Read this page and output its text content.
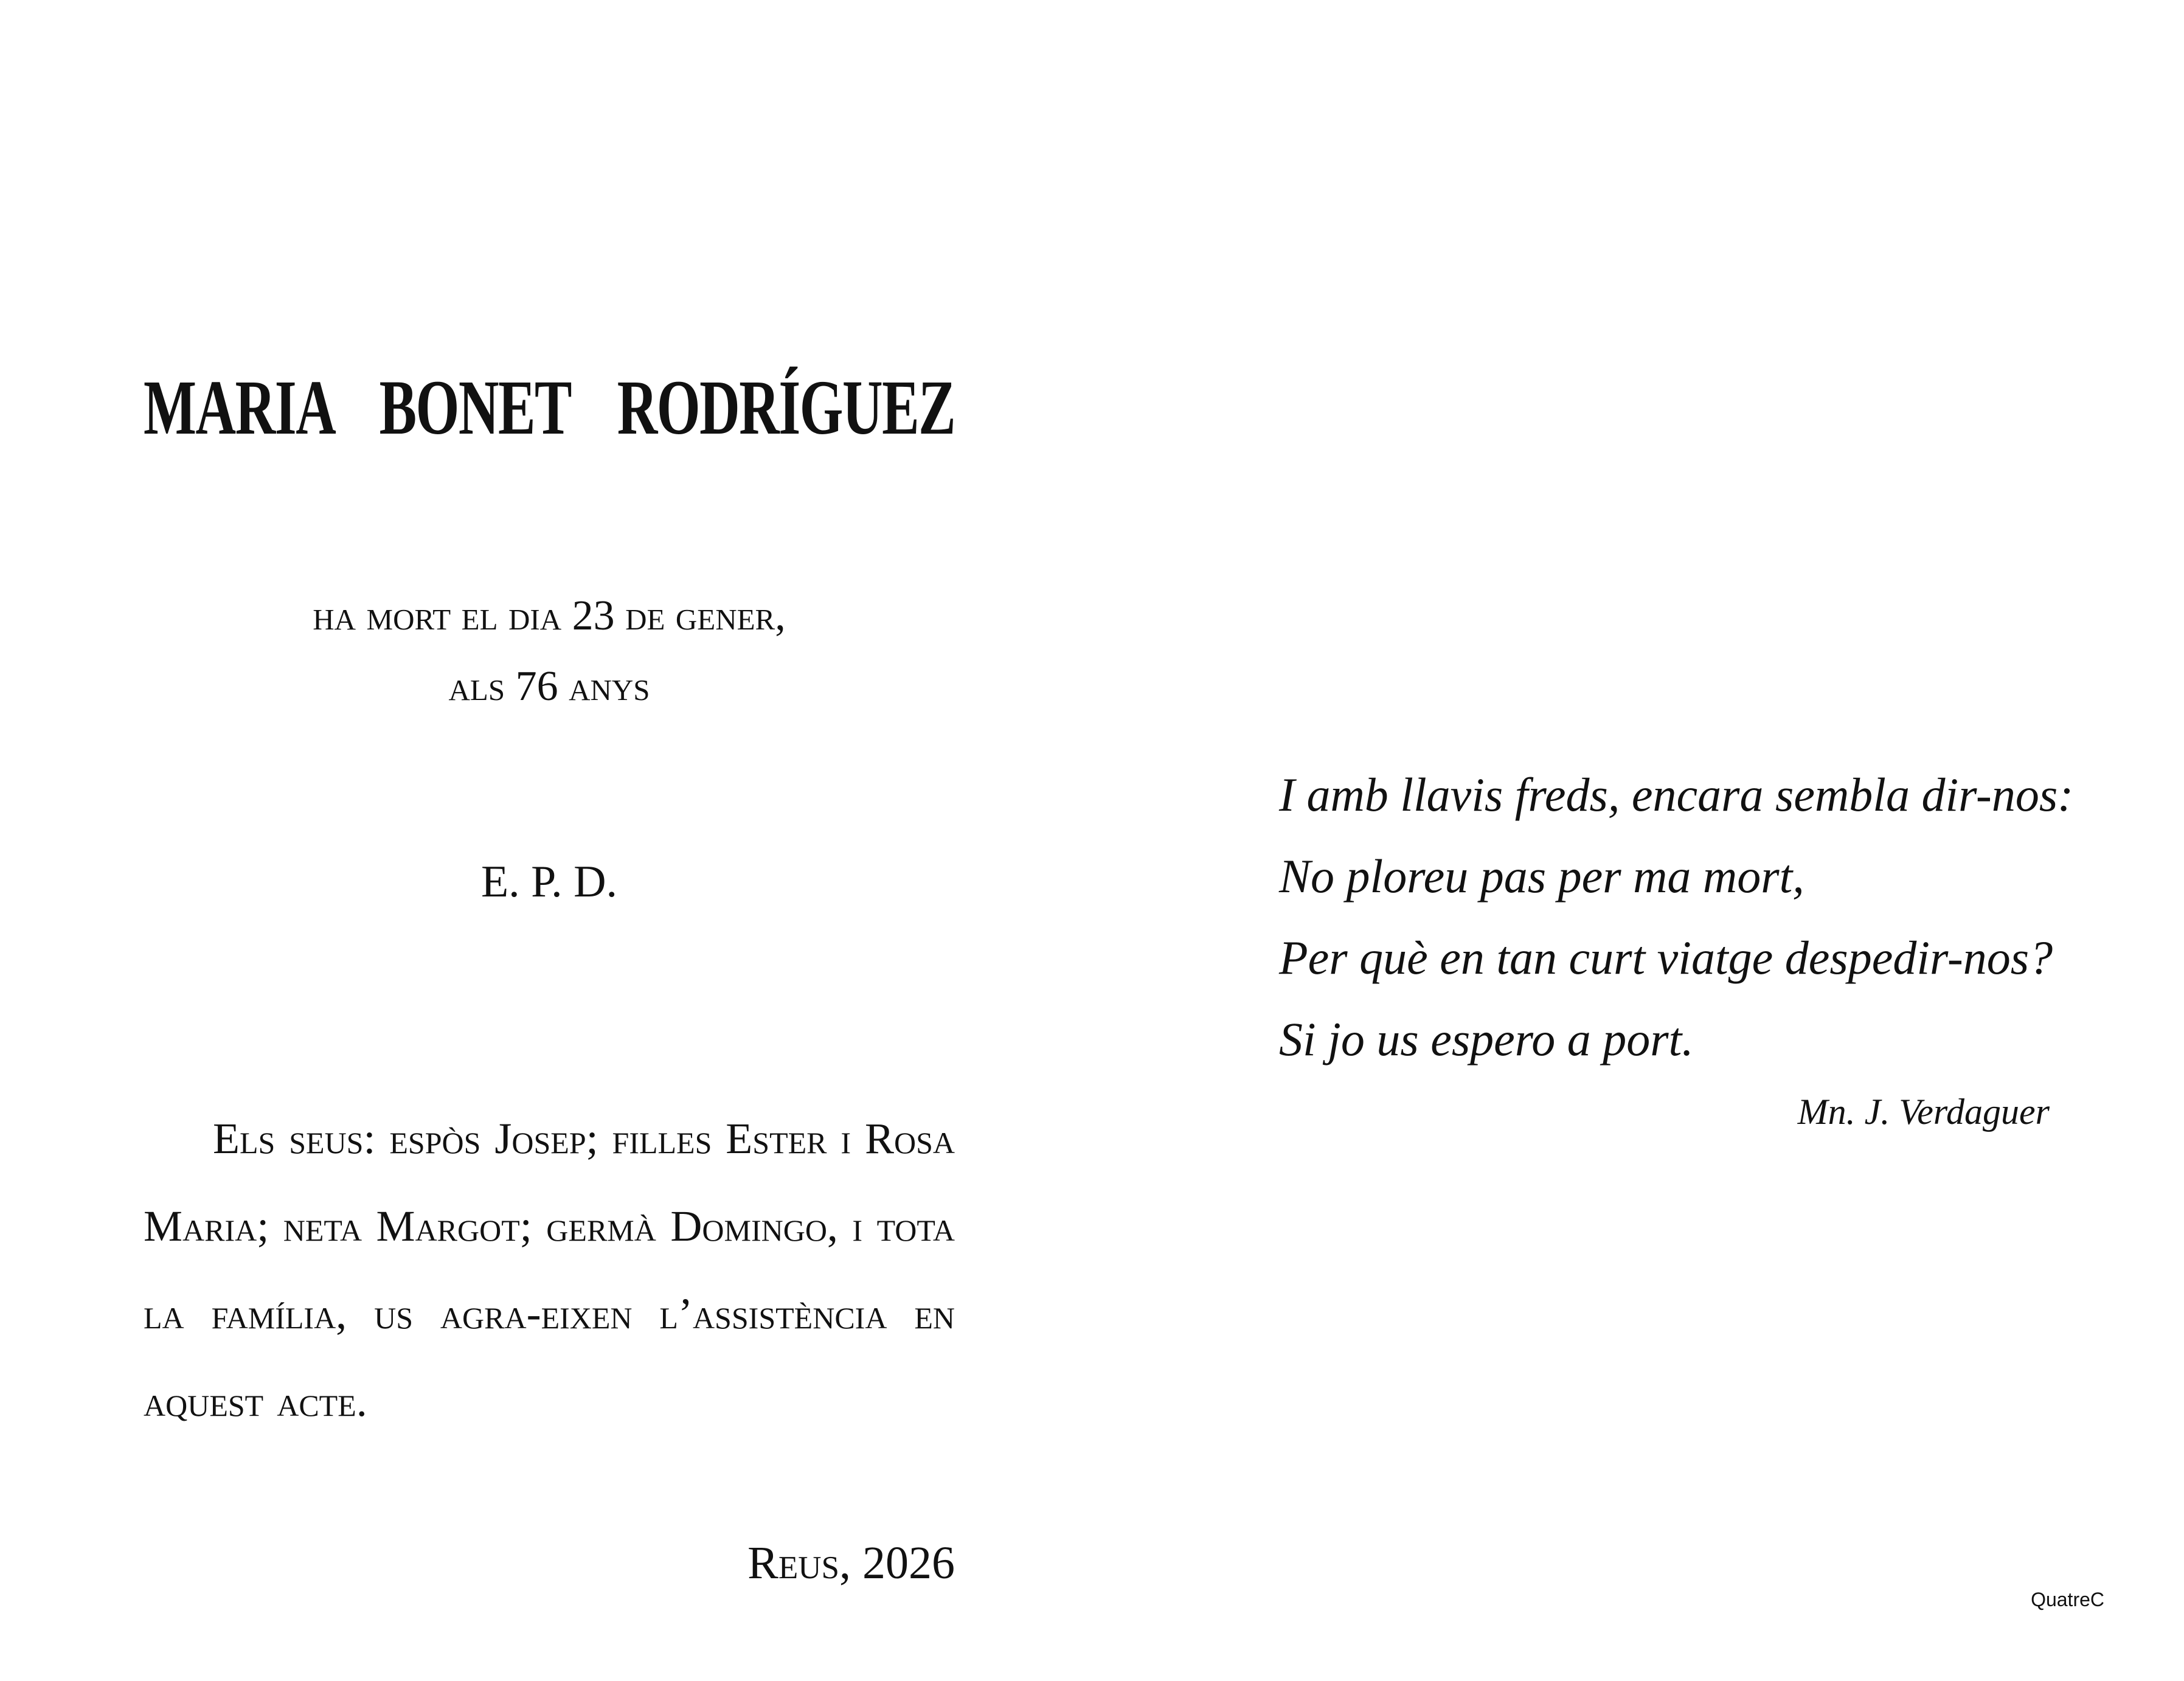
MARIA BONET RODRÍGUEZ
ha mort el dia 23 de gener,
als 76 anys
E. P. D.
Els seus: espòs Josep; filles Ester i Rosa Maria; neta Margot; germà Domingo, i tota la família, us agra-eixen l’assistència en aquest acte.
Reus, 2026
I amb llavis freds, encara sembla dir-nos:
No ploreu pas per ma mort,
Per què en tan curt viatge despedir-nos?
Si jo us espero a port.
Mn. J. Verdaguer
QuatreC
